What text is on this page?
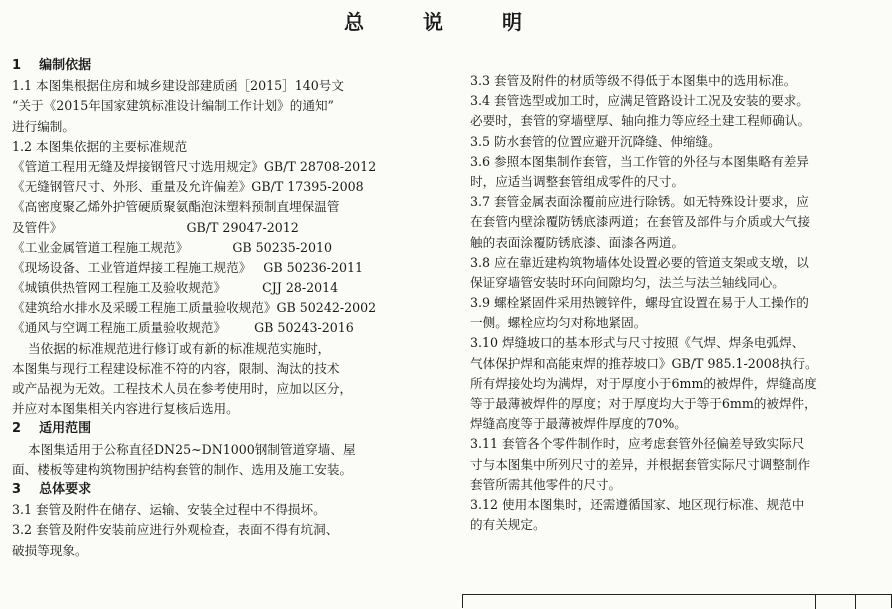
总 说 明
1    编制依据
1.1 本图集根据住房和城乡建设部建质函［2015］140号文
“关于《2015年国家建筑标准设计编制工作计划》的通知”
进行编制。
1.2 本图集依据的主要标准规范
《管道工程用无缝及焊接钢管尺寸选用规定》GB/T 28708-2012
《无缝钢管尺寸、外形、重量及允许偏差》GB/T 17395-2008
《高密度聚乙烯外护管硬质聚氨酯泡沫塑料预制直埋保温管
及管件》                               GB/T 29047-2012
《工业金属管道工程施工规范》           GB 50235-2010
《现场设备、工业管道焊接工程施工规范》   GB 50236-2011
《城镇供热管网工程施工及验收规范》         CJJ 28-2014
《建筑给水排水及采暖工程施工质量验收规范》GB 50242-2002
《通风与空调工程施工质量验收规范》       GB 50243-2016
当依据的标准规范进行修订或有新的标准规范实施时，
本图集与现行工程建设标准不符的内容，限制、淘汰的技术
或产品视为无效。工程技术人员在参考使用时，应加以区分，
并应对本图集相关内容进行复核后选用。
2    适用范围
本图集适用于公称直径DN25~DN1000钢制管道穿墙、屋
面、楼板等建构筑物围护结构套管的制作、选用及施工安装。
3    总体要求
3.1 套管及附件在储存、运输、安装全过程中不得损坏。
3.2 套管及附件安装前应进行外观检查，表面不得有坑洞、
破损等现象。
3.3 套管及附件的材质等级不得低于本图集中的选用标准。
3.4 套管选型或加工时，应满足管路设计工况及安装的要求。
必要时，套管的穿墙壁厚、轴向推力等应经土建工程师确认。
3.5 防水套管的位置应避开沉降缝、伸缩缝。
3.6 参照本图集制作套管，当工作管的外径与本图集略有差异
时，应适当调整套管组成零件的尺寸。
3.7 套管金属表面涂覆前应进行除锈。如无特殊设计要求，应
在套管内壁涂覆防锈底漆两道；在套管及部件与介质或大气接
触的表面涂覆防锈底漆、面漆各两道。
3.8 应在靠近建构筑物墙体处设置必要的管道支架或支墩，以
保证穿墙管安装时环向间隙均匀，法兰与法兰轴线同心。
3.9 螺栓紧固件采用热镀锌件，螺母宜设置在易于人工操作的
一侧。螺栓应均匀对称地紧固。
3.10 焊缝坡口的基本形式与尺寸按照《气焊、焊条电弧焊、
气体保护焊和高能束焊的推荐坡口》GB/T 985.1-2008执行。
所有焊接处均为满焊，对于厚度小于6mm的被焊件，焊缝高度
等于最薄被焊件的厚度；对于厚度均大于等于6mm的被焊件，
焊缝高度等于最薄被焊件厚度的70%。
3.11 套管各个零件制作时，应考虑套管外径偏差导致实际尺
寸与本图集中所列尺寸的差异，并根据套管实际尺寸调整制作
套管所需其他零件的尺寸。
3.12 使用本图集时，还需遵循国家、地区现行标准、规范中
的有关规定。
